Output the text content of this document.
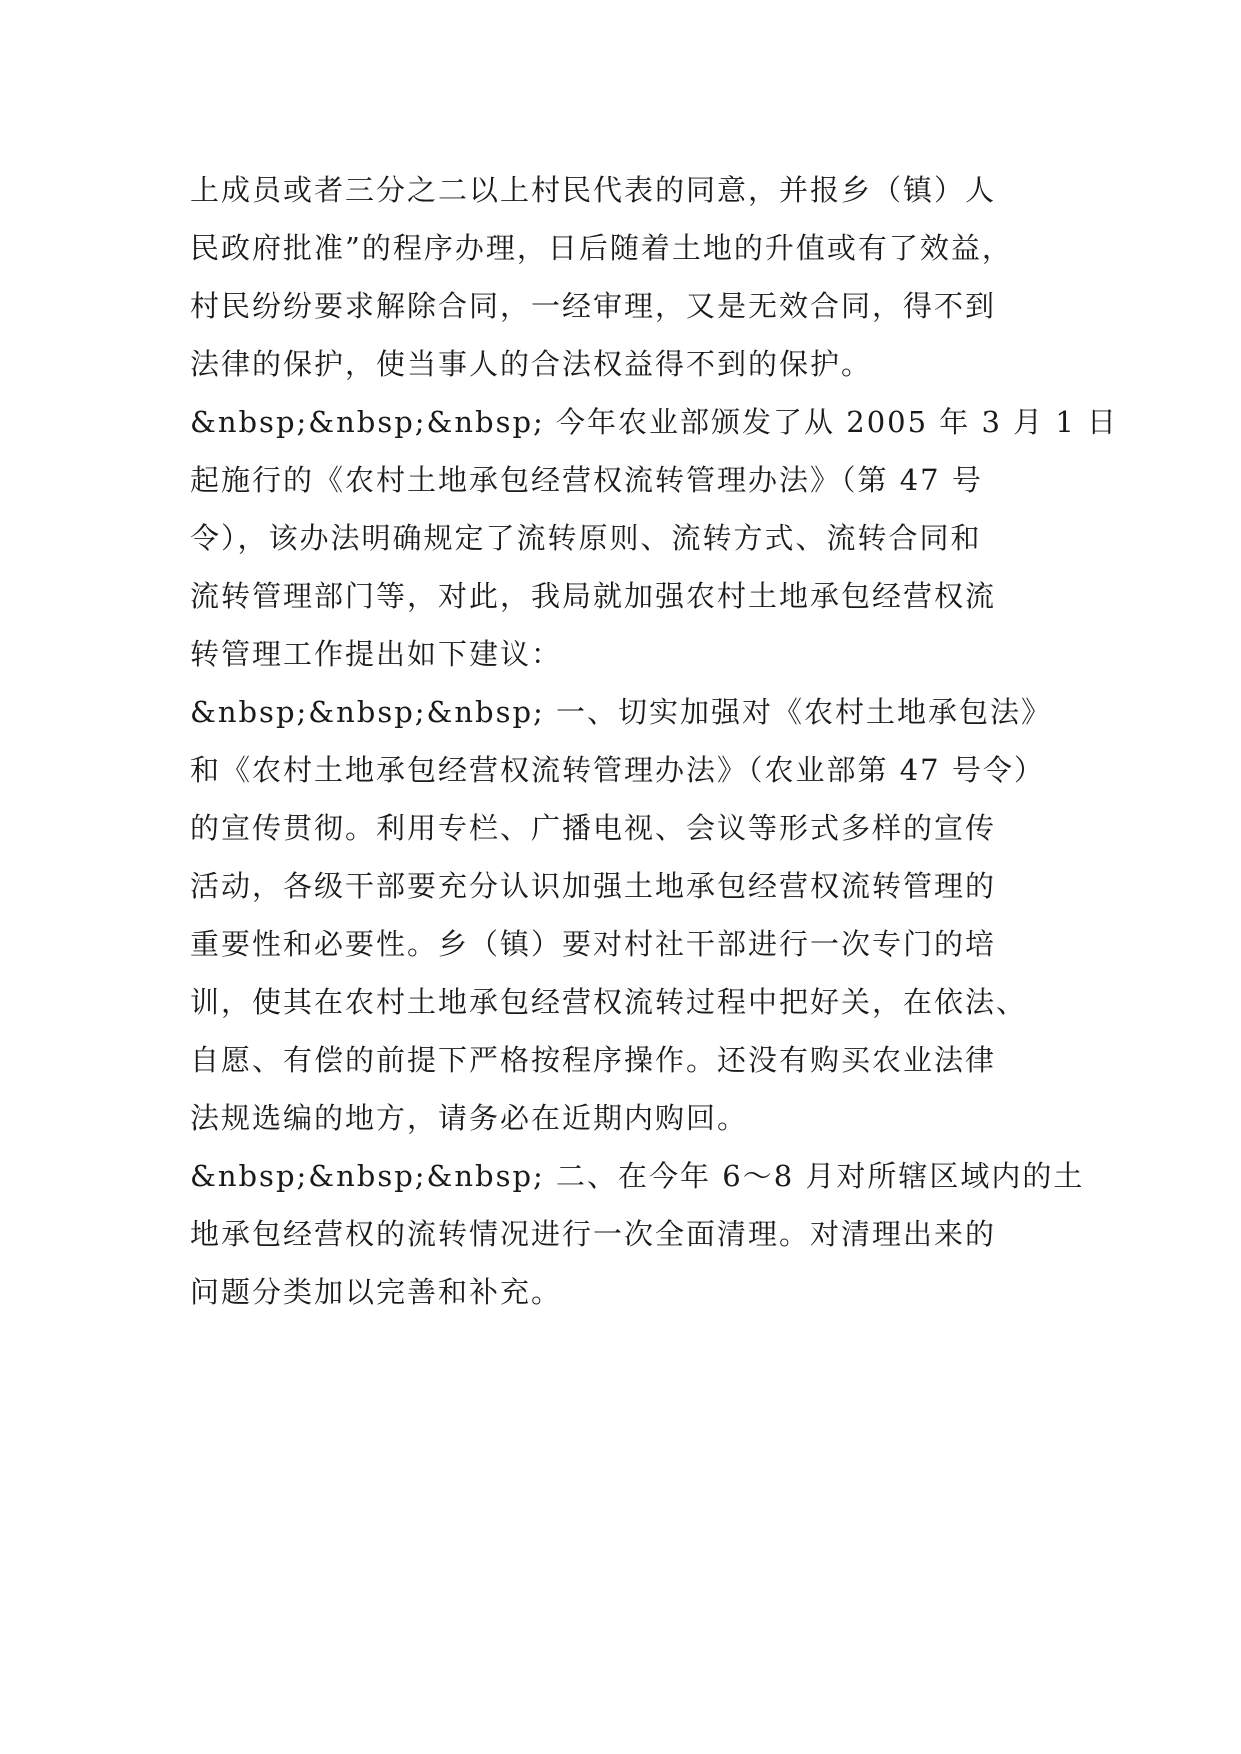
上成员或者三分之二以上村民代表的同意，并报乡（镇）人
民政府批准”的程序办理，日后随着土地的升值或有了效益，
村民纷纷要求解除合同，一经审理，又是无效合同，得不到
法律的保护，使当事人的合法权益得不到的保护。
&nbsp;&nbsp;&nbsp; 今年农业部颁发了从 2005 年 3 月 1 日
起施行的《农村土地承包经营权流转管理办法》（第 47 号
令），该办法明确规定了流转原则、流转方式、流转合同和
流转管理部门等，对此，我局就加强农村土地承包经营权流
转管理工作提出如下建议：
&nbsp;&nbsp;&nbsp; 一、切实加强对《农村土地承包法》
和《农村土地承包经营权流转管理办法》（农业部第 47 号令）
的宣传贯彻。利用专栏、广播电视、会议等形式多样的宣传
活动，各级干部要充分认识加强土地承包经营权流转管理的
重要性和必要性。乡（镇）要对村社干部进行一次专门的培
训，使其在农村土地承包经营权流转过程中把好关，在依法、
自愿、有偿的前提下严格按程序操作。还没有购买农业法律
法规选编的地方，请务必在近期内购回。
&nbsp;&nbsp;&nbsp; 二、在今年 6～8 月对所辖区域内的土
地承包经营权的流转情况进行一次全面清理。对清理出来的
问题分类加以完善和补充。
